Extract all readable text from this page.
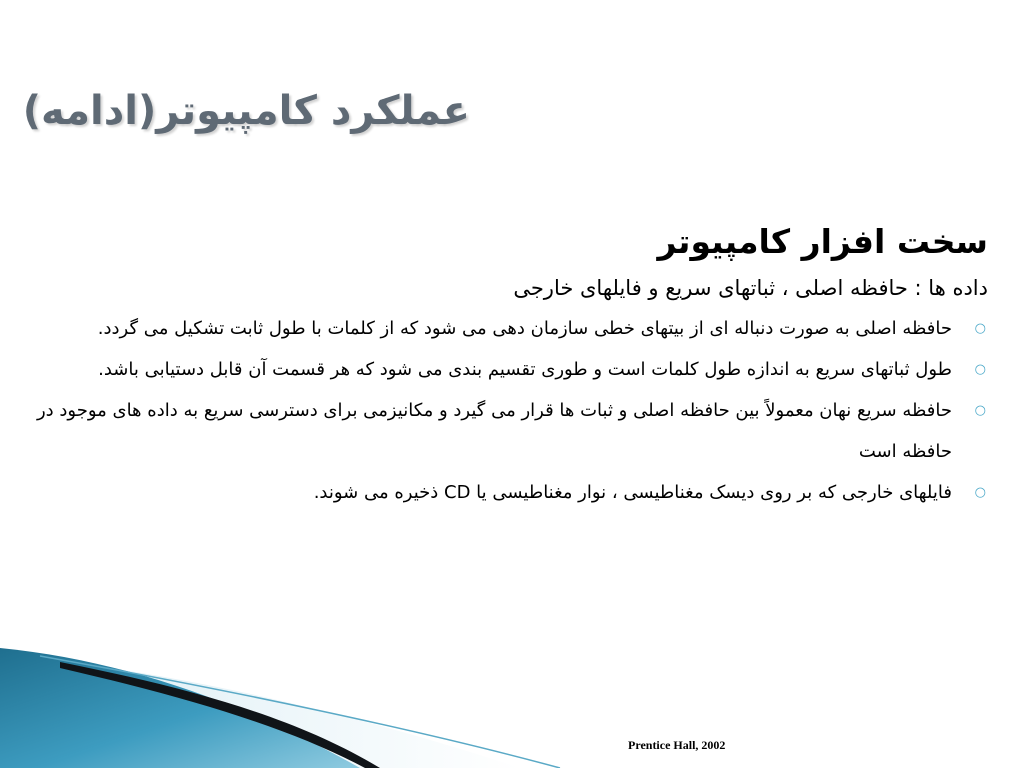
عملکرد کامپیوتر(ادامه)
سخت افزار کامپیوتر

داده ها : حافظه اصلی ، ثباتهای سریع و فایلهای خارجی

○
حافظه اصلی به صورت دنباله ای از بیتهای خطی سازمان دهی می شود که از کلمات با طول ثابت تشکیل می گردد.
○
طول ثباتهای سریع به اندازه طول کلمات است و طوری تقسیم بندی می شود که هر قسمت آن قابل دستیابی باشد.
○
حافظه سریع نهان معمولاً بین حافظه اصلی و ثبات ها قرار می گیرد و مکانیزمی برای دسترسی سریع به داده های موجود در حافظه است
○
فایلهای خارجی که بر روی دیسک مغناطیسی ، نوار مغناطیسی یا CD ذخیره می شوند.
Prentice Hall, 2002
